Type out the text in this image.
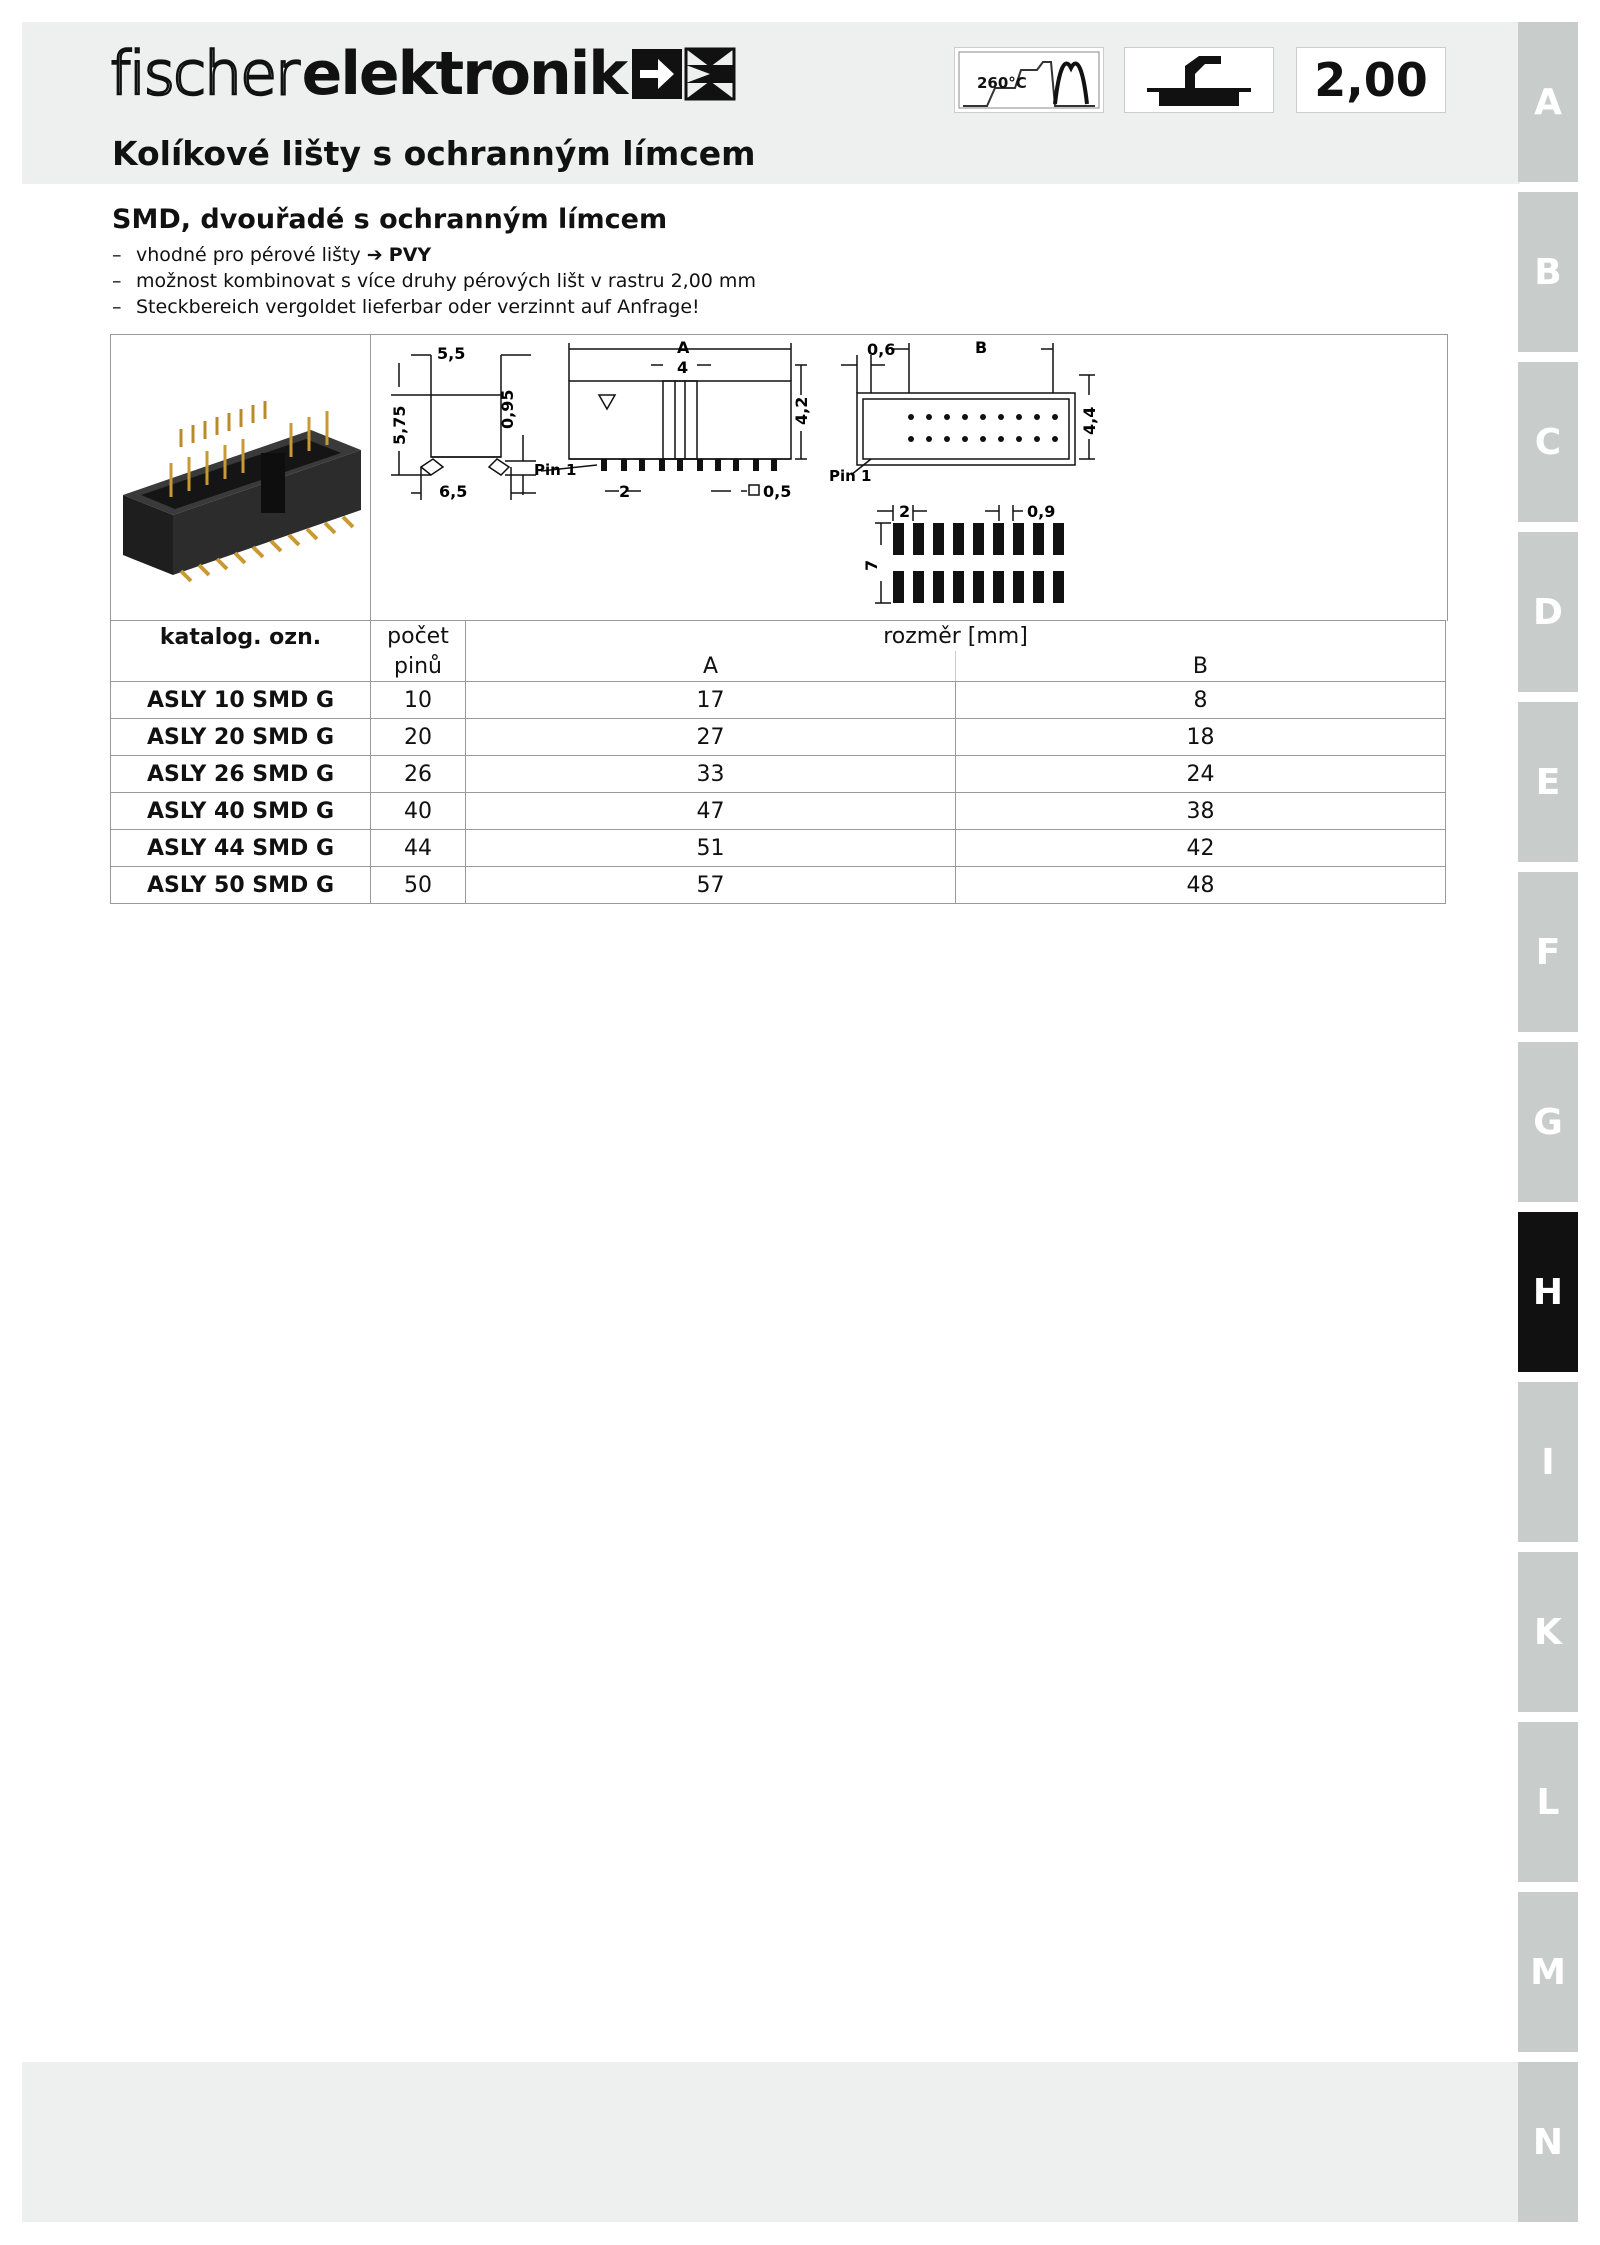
fischer elektronik	260°C	2,00
Kolíkové lišty s ochranným límcem
SMD, dvouřadé s ochranným límcem
– vhodné pro pérové lišty ➔ PVY
– možnost kombinovat s více druhy pérových lišt v rastru 2,00 mm
– Steckbereich vergoldet lieferbar oder verzinnt auf Anfrage!
5,5
5,75	0,95
6,5
A
4
4,2
Pin 1
2	0,5
0,6	B
4,4
Pin 1
2	0,9
7
katalog. ozn.	počet	rozměr [mm]	
	pinů	A	B
ASLY 10 SMD G	10	17	8
ASLY 20 SMD G	20	27	18
ASLY 26 SMD G	26	33	24
ASLY 40 SMD G	40	47	38
ASLY 44 SMD G	44	51	42
ASLY 50 SMD G	50	57	48
A
B
C
D
E
F
G
H
I
K
L
M
N
